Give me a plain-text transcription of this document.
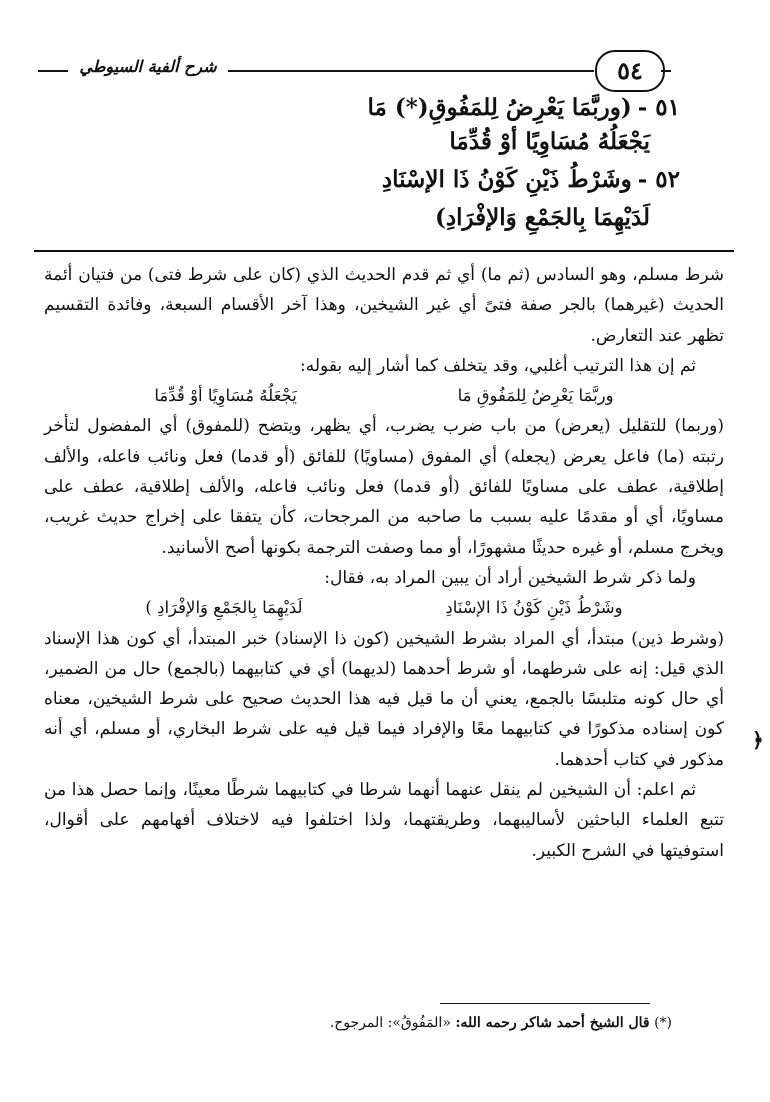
شرح ألفية السيوطي	٥٤
٥١ -(وربَّمَا يَعْرِضُ لِلمَفُوقِ(*) مَا
يَجْعَلُهُ مُسَاوِيًا أوْ قُدِّمَا
٥٢ -وشَرْطُ ذَيْنِ كَوْنُ ذَا الإسْنَادِ
لَدَيْهِمَا بِالجَمْعِ وَالإفْرَادِ)

شرط مسلم، وهو السادس (ثم ما) أي ثم قدم الحديث الذي (كان على شرط فتى) من فتيان أئمة الحديث (غيرهما) بالجر صفة فتىً أي غير الشيخين، وهذا آخر الأقسام السبعة، وفائدة التقسيم تظهر عند التعارض.

ثم إن هذا الترتيب أغلبي، وقد يتخلف كما أشار إليه بقوله:

وربَّمَا يَعْرِضُ لِلمَفُوقِ مَا
يَجْعَلُهُ مُسَاوِيًا أوْ قُدِّمَا

(وربما) للتقليل (يعرض) من باب ضرب يضرب، أي يظهر، ويتضح (للمفوق) أي المفضول لتأخر رتبته (ما) فاعل يعرض (يجعله) أي المفوق (مساويًا) للفائق (أو قدما) فعل ونائب فاعله، والألف إطلاقية، عطف على مساويًا للفائق (أو قدما) فعل ونائب فاعله، والألف إطلاقية، عطف على مساويًا، أي أو مقدمًا عليه بسبب ما صاحبه من المرجحات، كأن يتفقا على إخراج حديث غريب، ويخرج مسلم، أو غيره حديثًا مشهورًا، أو مما وصفت الترجمة بكونها أصح الأسانيد.

ولما ذكر شرط الشيخين أراد أن يبين المراد به، فقال:

وشَرْطُ ذَيْنِ كَوْنُ ذَا الإسْنَادِ
لَدَيْهِمَا بِالجَمْعِ وَالإفْرَادِ )

(وشرط ذين) مبتدأ، أي المراد بشرط الشيخين (كون ذا الإسناد) خبر المبتدأ، أي كون هذا الإسناد الذي قيل: إنه على شرطهما، أو شرط أحدهما (لديهما) أي في كتابيهما (بالجمع) حال من الضمير، أي حال كونه متلبسًا بالجمع، يعني أن ما قيل فيه هذا الحديث صحيح على شرط الشيخين، معناه كون إسناده مذكورًا في كتابيهما معًا والإفراد فيما قيل فيه على شرط البخاري، أو مسلم، أي أنه مذكور في كتاب أحدهما.

ثم اعلم: أن الشيخين لم ينقل عنهما أنهما شرطا في كتابيهما شرطًا معينًا، وإنما حصل هذا من تتبع العلماء الباحثين لأساليبهما، وطريقتهما، ولذا اختلفوا فيه لاختلاف أفهامهم على أقوال، استوفيتها في الشرح الكبير.

﴿
(*) قال الشيخ أحمد شاكر رحمه الله: «المَفُوقُ»: المرجوح.
